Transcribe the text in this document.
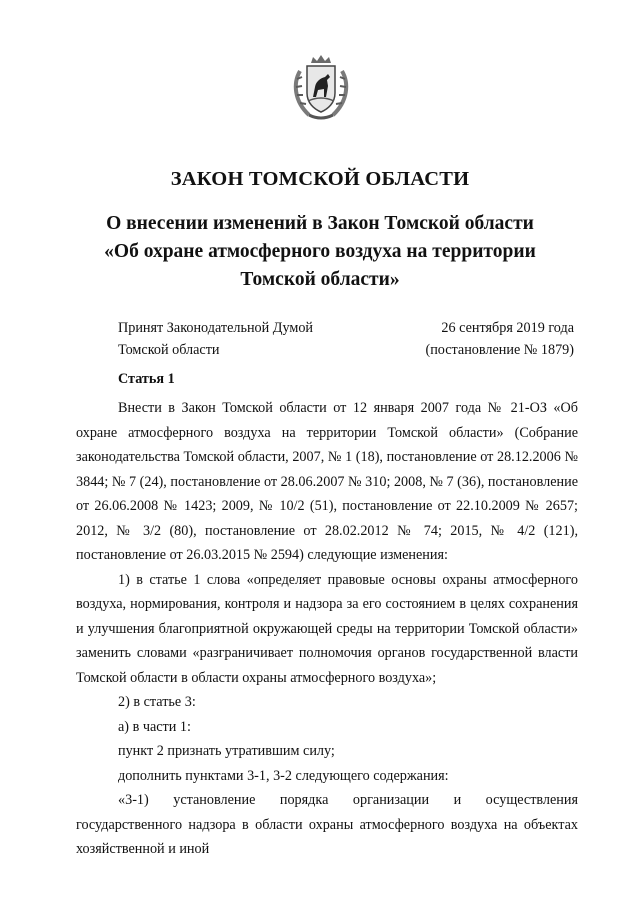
ЗАКОН ТОМСКОЙ ОБЛАСТИ
О внесении изменений в Закон Томской области
«Об охране атмосферного воздуха на территории
Томской области»
Принят Законодательной Думой
Томской области
26 сентября 2019 года
(постановление № 1879)
Статья 1

Внести в Закон Томской области от 12 января 2007 года № 21-ОЗ «Об охране атмосферного воздуха на территории Томской области» (Собрание законодательства Томской области, 2007, № 1 (18), постановление от 28.12.2006 № 3844; № 7 (24), постановление от 28.06.2007 № 310; 2008, № 7 (36), постановление от 26.06.2008 № 1423; 2009, № 10/2 (51), постановление от 22.10.2009 № 2657; 2012, № 3/2 (80), постановление от 28.02.2012 № 74; 2015, № 4/2 (121), постановление от 26.03.2015 № 2594) следующие изменения:

1) в статье 1 слова «определяет правовые основы охраны атмосферного воздуха, нормирования, контроля и надзора за его состоянием в целях сохранения и улучшения благоприятной окружающей среды на территории Томской области» заменить словами «разграничивает полномочия органов государственной власти Томской области в области охраны атмосферного воздуха»;

2) в статье 3:

а) в части 1:

пункт 2 признать утратившим силу;

дополнить пунктами 3-1, 3-2 следующего содержания:

«3-1) установление порядка организации и осуществления государственного надзора в области охраны атмосферного воздуха на объектах хозяйственной и иной
